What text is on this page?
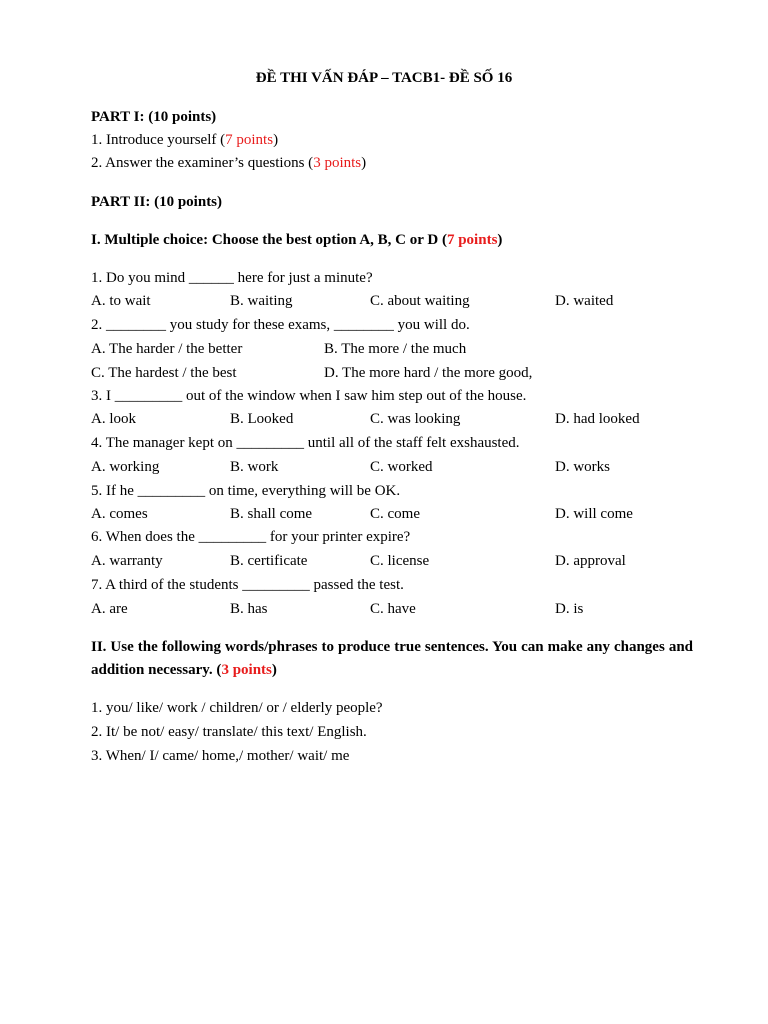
ĐỀ THI VẤN ĐÁP – TACB1- ĐỀ SỐ 16
PART I: (10 points)
1. Introduce yourself (7 points)
2. Answer the examiner’s questions (3 points)
PART II: (10 points)
I. Multiple choice: Choose the best option A, B, C or D (7 points)
1. Do you mind ______ here for just a minute?
A. to wait	B. waiting	C. about waiting	D. waited
2. ________ you study for these exams, ________ you will do.
A. The harder / the better	B. The more / the much
C. The hardest / the best	D. The more hard / the more good,
3. I _________ out of the window when I saw him step out of the house.
A. look	B. Looked	C. was looking	D. had looked
4. The manager kept on _________ until all of the staff felt exshausted.
A. working	B. work	C. worked	D. works
5. If he _________ on time, everything will be OK.
A. comes	B. shall come	C. come	D. will come
6. When does the _________ for your printer expire?
A. warranty	B. certificate	C. license	D. approval
7. A third of the students _________ passed the test.
A. are	B. has	C. have	D. is
II. Use the following words/phrases to produce true sentences. You can make any changes and addition necessary. (3 points)
1. you/ like/ work / children/ or / elderly people?
2. It/ be not/ easy/ translate/ this text/ English.
3. When/ I/ came/ home,/ mother/ wait/ me
